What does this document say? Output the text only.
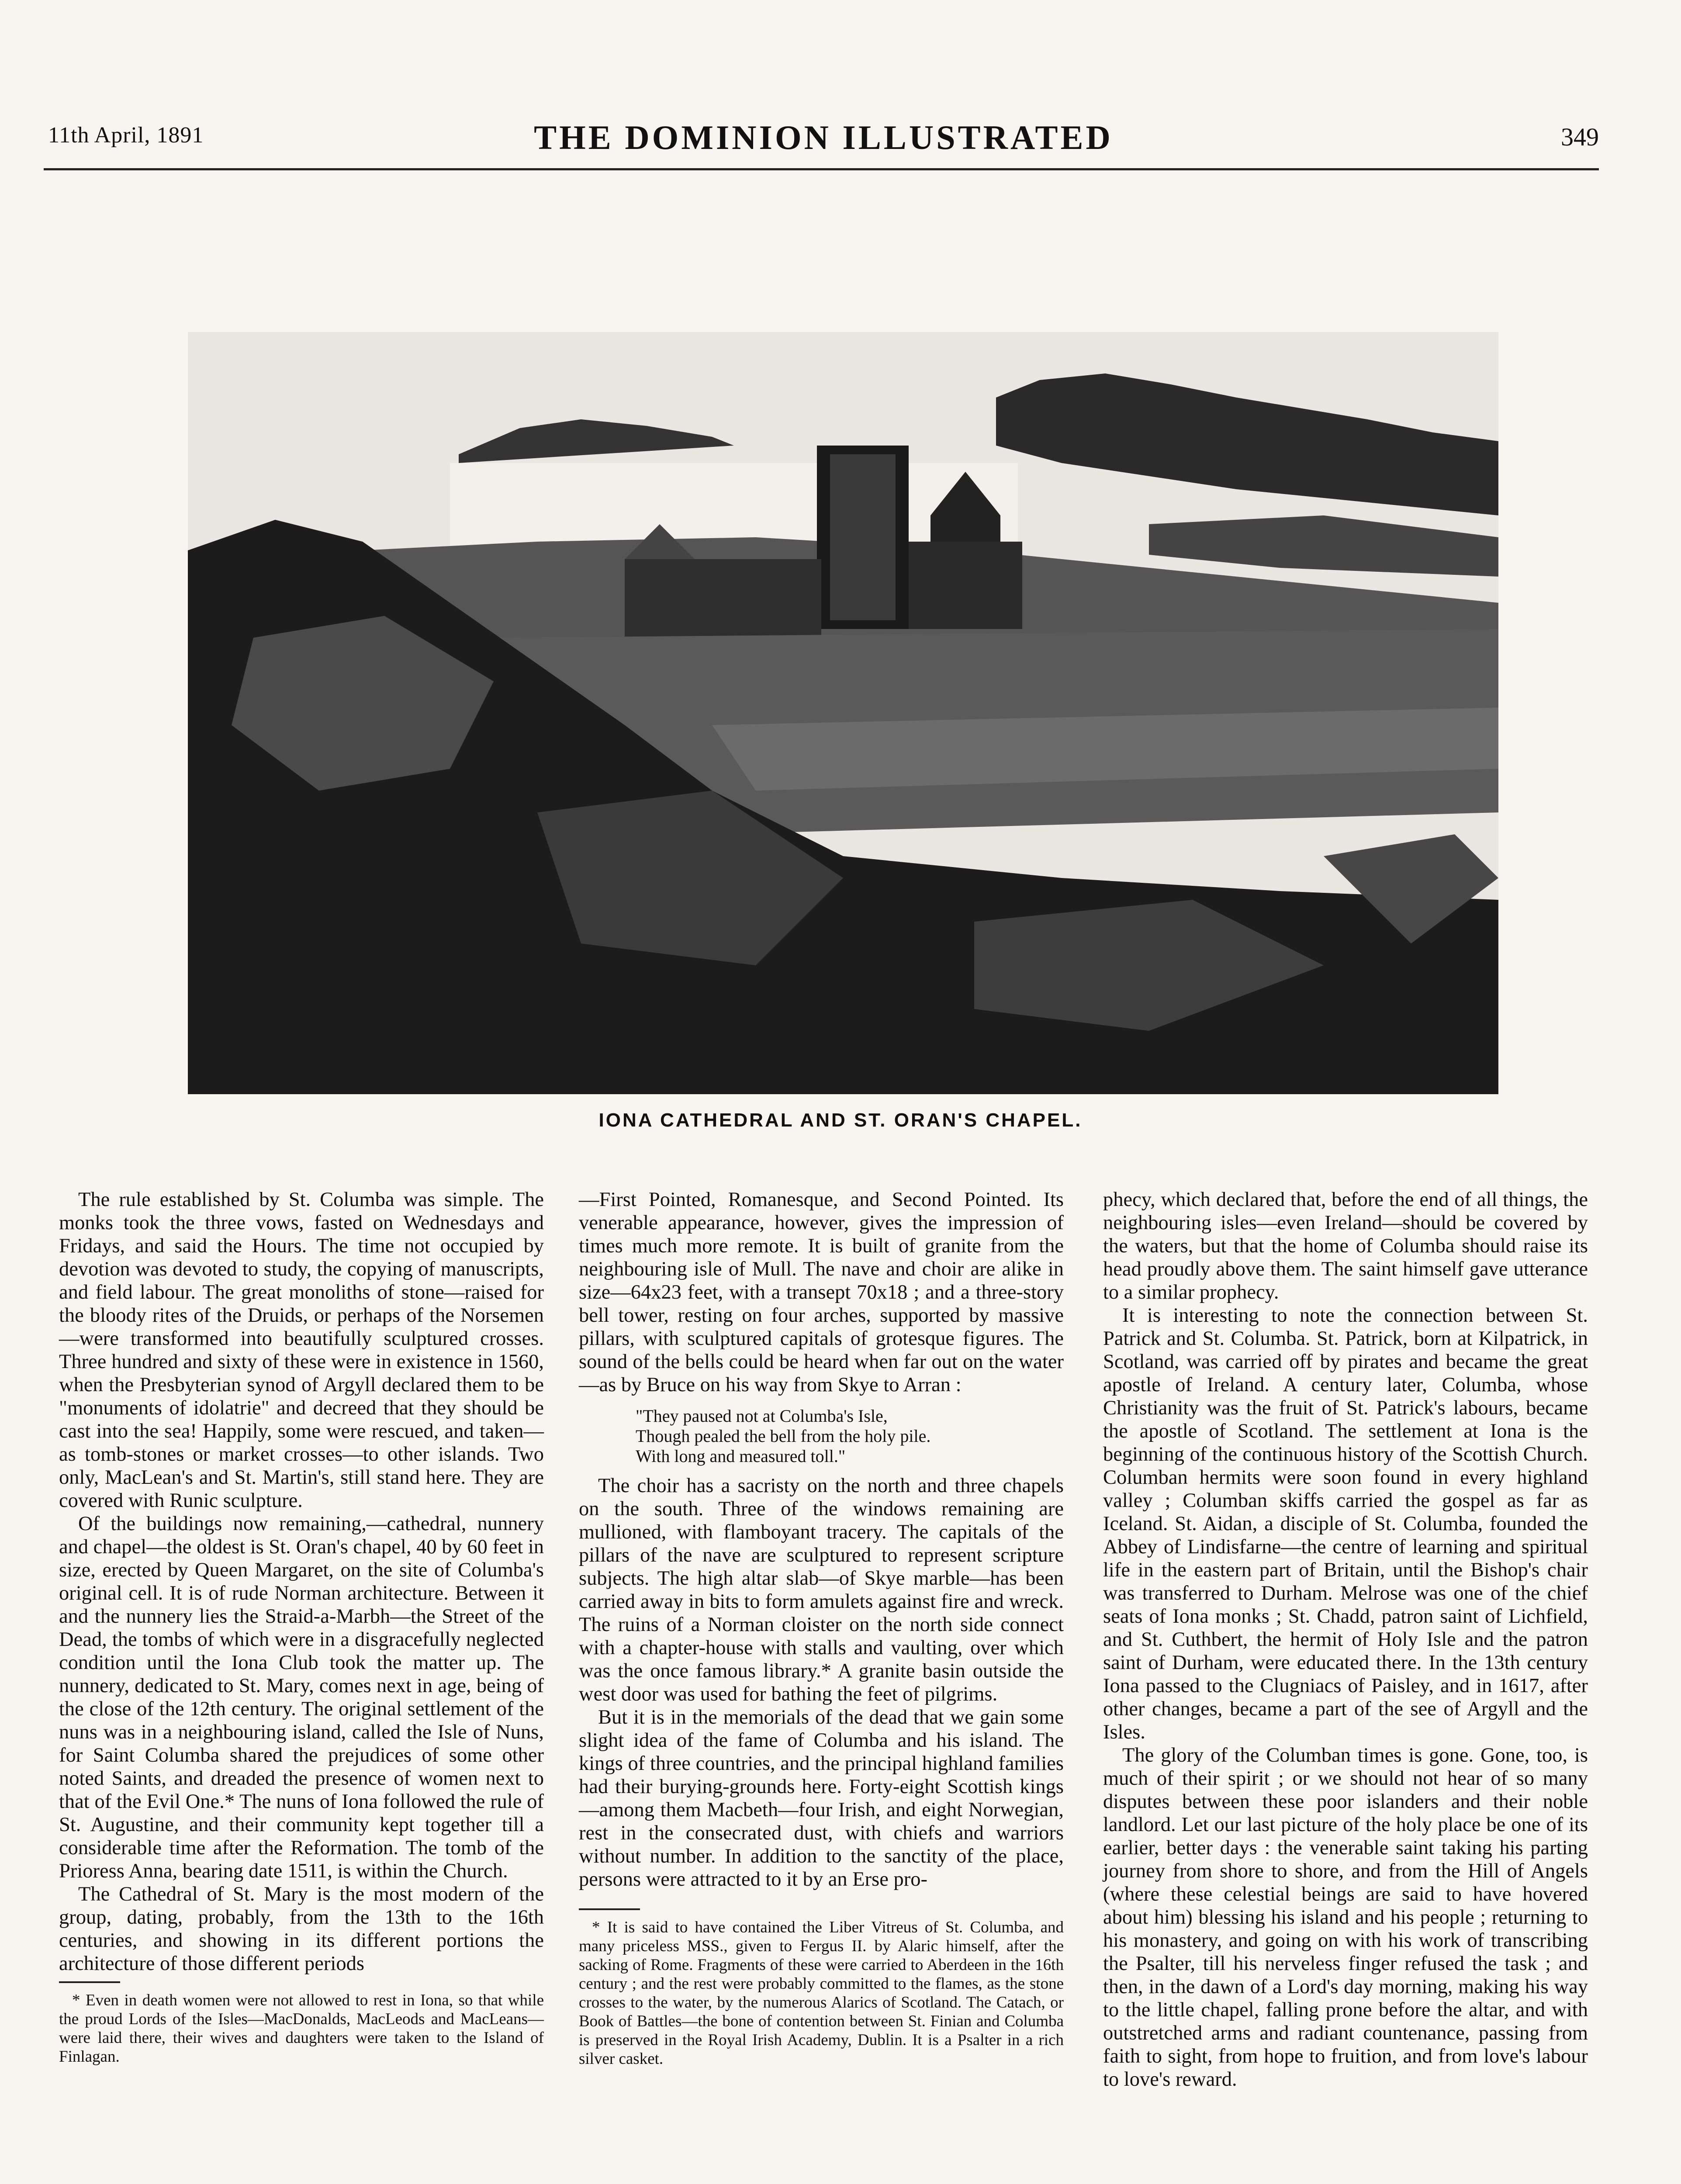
11th April, 1891	THE DOMINION ILLUSTRATED	349
IONA CATHEDRAL AND ST. ORAN'S CHAPEL.

The rule established by St. Columba was simple. The monks took the three vows, fasted on Wednesdays and Fridays, and said the Hours. The time not occupied by devotion was devoted to study, the copying of manuscripts, and field labour. The great monoliths of stone—raised for the bloody rites of the Druids, or perhaps of the Norsemen—were transformed into beautifully sculptured crosses. Three hundred and sixty of these were in existence in 1560, when the Presbyterian synod of Argyll declared them to be "monuments of idolatrie" and decreed that they should be cast into the sea! Happily, some were rescued, and taken—as tomb-stones or market crosses—to other islands. Two only, MacLean's and St. Martin's, still stand here. They are covered with Runic sculpture.

Of the buildings now remaining,—cathedral, nunnery and chapel—the oldest is St. Oran's chapel, 40 by 60 feet in size, erected by Queen Margaret, on the site of Columba's original cell. It is of rude Norman architecture. Between it and the nunnery lies the Straid-a-Marbh—the Street of the Dead, the tombs of which were in a disgracefully neglected condition until the Iona Club took the matter up. The nunnery, dedicated to St. Mary, comes next in age, being of the close of the 12th century. The original settlement of the nuns was in a neighbouring island, called the Isle of Nuns, for Saint Columba shared the prejudices of some other noted Saints, and dreaded the presence of women next to that of the Evil One.* The nuns of Iona followed the rule of St. Augustine, and their community kept together till a considerable time after the Reformation. The tomb of the Prioress Anna, bearing date 1511, is within the Church.

The Cathedral of St. Mary is the most modern of the group, dating, probably, from the 13th to the 16th centuries, and showing in its different portions the architecture of those different periods

* Even in death women were not allowed to rest in Iona, so that while the proud Lords of the Isles—MacDonalds, MacLeods and MacLeans—were laid there, their wives and daughters were taken to the Island of Finlagan.

—First Pointed, Romanesque, and Second Pointed. Its venerable appearance, however, gives the impression of times much more remote. It is built of granite from the neighbouring isle of Mull. The nave and choir are alike in size—64x23 feet, with a transept 70x18 ; and a three-story bell tower, resting on four arches, supported by massive pillars, with sculptured capitals of grotesque figures. The sound of the bells could be heard when far out on the water—as by Bruce on his way from Skye to Arran :

"They paused not at Columba's Isle,
Though pealed the bell from the holy pile.
With long and measured toll."

The choir has a sacristy on the north and three chapels on the south. Three of the windows remaining are mullioned, with flamboyant tracery. The capitals of the pillars of the nave are sculptured to represent scripture subjects. The high altar slab—of Skye marble—has been carried away in bits to form amulets against fire and wreck. The ruins of a Norman cloister on the north side connect with a chapter-house with stalls and vaulting, over which was the once famous library.* A granite basin outside the west door was used for bathing the feet of pilgrims.

But it is in the memorials of the dead that we gain some slight idea of the fame of Columba and his island. The kings of three countries, and the principal highland families had their burying-grounds here. Forty-eight Scottish kings—among them Macbeth—four Irish, and eight Norwegian, rest in the consecrated dust, with chiefs and warriors without number. In addition to the sanctity of the place, persons were attracted to it by an Erse pro-

* It is said to have contained the Liber Vitreus of St. Columba, and many priceless MSS., given to Fergus II. by Alaric himself, after the sacking of Rome. Fragments of these were carried to Aberdeen in the 16th century ; and the rest were probably committed to the flames, as the stone crosses to the water, by the numerous Alarics of Scotland. The Catach, or Book of Battles—the bone of contention between St. Finian and Columba is preserved in the Royal Irish Academy, Dublin. It is a Psalter in a rich silver casket.

phecy, which declared that, before the end of all things, the neighbouring isles—even Ireland—should be covered by the waters, but that the home of Columba should raise its head proudly above them. The saint himself gave utterance to a similar prophecy.

It is interesting to note the connection between St. Patrick and St. Columba. St. Patrick, born at Kilpatrick, in Scotland, was carried off by pirates and became the great apostle of Ireland. A century later, Columba, whose Christianity was the fruit of St. Patrick's labours, became the apostle of Scotland. The settlement at Iona is the beginning of the continuous history of the Scottish Church. Columban hermits were soon found in every highland valley ; Columban skiffs carried the gospel as far as Iceland. St. Aidan, a disciple of St. Columba, founded the Abbey of Lindisfarne—the centre of learning and spiritual life in the eastern part of Britain, until the Bishop's chair was transferred to Durham. Melrose was one of the chief seats of Iona monks ; St. Chadd, patron saint of Lichfield, and St. Cuthbert, the hermit of Holy Isle and the patron saint of Durham, were educated there. In the 13th century Iona passed to the Clugniacs of Paisley, and in 1617, after other changes, became a part of the see of Argyll and the Isles.

The glory of the Columban times is gone. Gone, too, is much of their spirit ; or we should not hear of so many disputes between these poor islanders and their noble landlord. Let our last picture of the holy place be one of its earlier, better days : the venerable saint taking his parting journey from shore to shore, and from the Hill of Angels (where these celestial beings are said to have hovered about him) blessing his island and his people ; returning to his monastery, and going on with his work of transcribing the Psalter, till his nerveless finger refused the task ; and then, in the dawn of a Lord's day morning, making his way to the little chapel, falling prone before the altar, and with outstretched arms and radiant countenance, passing from faith to sight, from hope to fruition, and from love's labour to love's reward.
